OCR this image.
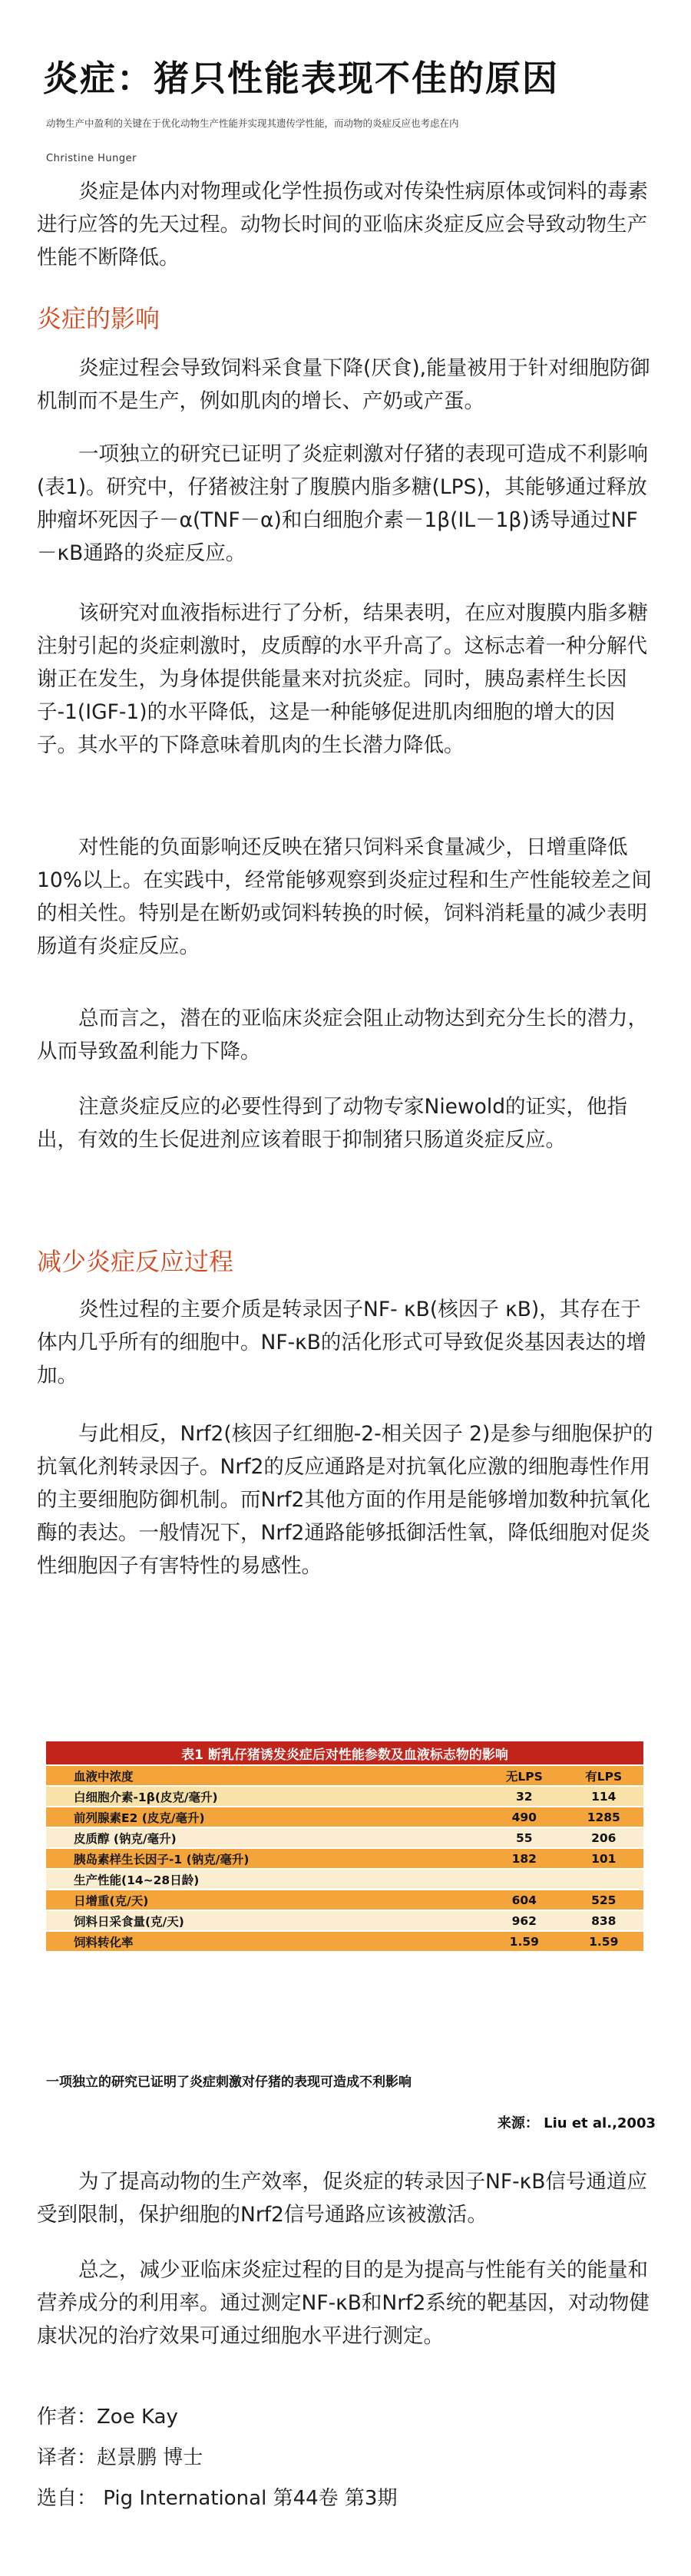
炎症：猪只性能表现不佳的原因
动物生产中盈利的关键在于优化动物生产性能并实现其遗传学性能，而动物的炎症反应也考虑在内
Christine Hunger

炎症是体内对物理或化学性损伤或对传染性病原体或饲料的毒素进行应答的先天过程。动物长时间的亚临床炎症反应会导致动物生产性能不断降低。

炎症的影响

炎症过程会导致饲料采食量下降(厌食),能量被用于针对细胞防御机制而不是生产，例如肌肉的增长、产奶或产蛋。

一项独立的研究已证明了炎症刺激对仔猪的表现可造成不利影响(表1)。研究中，仔猪被注射了腹膜内脂多糖(LPS)，其能够通过释放肿瘤坏死因子－α(TNF－α)和白细胞介素－1β(IL－1β)诱导通过NF－κB通路的炎症反应。

该研究对血液指标进行了分析，结果表明，在应对腹膜内脂多糖注射引起的炎症刺激时，皮质醇的水平升高了。这标志着一种分解代谢正在发生，为身体提供能量来对抗炎症。同时，胰岛素样生长因子-1(IGF-1)的水平降低，这是一种能够促进肌肉细胞的增大的因子。其水平的下降意味着肌肉的生长潜力降低。

对性能的负面影响还反映在猪只饲料采食量减少，日增重降低10%以上。在实践中，经常能够观察到炎症过程和生产性能较差之间的相关性。特别是在断奶或饲料转换的时候，饲料消耗量的减少表明肠道有炎症反应。

总而言之，潜在的亚临床炎症会阻止动物达到充分生长的潜力，从而导致盈利能力下降。

注意炎症反应的必要性得到了动物专家Niewold的证实，他指出，有效的生长促进剂应该着眼于抑制猪只肠道炎症反应。

减少炎症反应过程

炎性过程的主要介质是转录因子NF- κB(核因子 κB)，其存在于体内几乎所有的细胞中。NF-κB的活化形式可导致促炎基因表达的增加。

与此相反，Nrf2(核因子红细胞-2-相关因子 2)是参与细胞保护的抗氧化剂转录因子。Nrf2的反应通路是对抗氧化应激的细胞毒性作用的主要细胞防御机制。而Nrf2其他方面的作用是能够增加数种抗氧化酶的表达。一般情况下，Nrf2通路能够抵御活性氧，降低细胞对促炎性细胞因子有害特性的易感性。

表1 断乳仔猪诱发炎症后对性能参数及血液标志物的影响		
血液中浓度	无LPS	有LPS
白细胞介素-1β(皮克/毫升)	32	114
前列腺素E2 (皮克/毫升)	490	1285
皮质醇 (钠克/毫升)	55	206
胰岛素样生长因子-1 (钠克/毫升)	182	101
生产性能(14~28日龄)		
日增重(克/天)	604	525
饲料日采食量(克/天)	962	838
饲料转化率	1.59	1.59
一项独立的研究已证明了炎症刺激对仔猪的表现可造成不利影响
来源： Liu et al.,2003

为了提高动物的生产效率，促炎症的转录因子NF-κB信号通道应受到限制，保护细胞的Nrf2信号通路应该被激活。

总之，减少亚临床炎症过程的目的是为提高与性能有关的能量和营养成分的利用率。通过测定NF-κB和Nrf2系统的靶基因，对动物健康状况的治疗效果可通过细胞水平进行测定。

作者：Zoe Kay
译者：赵景鹏 博士
选自： Pig International 第44卷 第3期
